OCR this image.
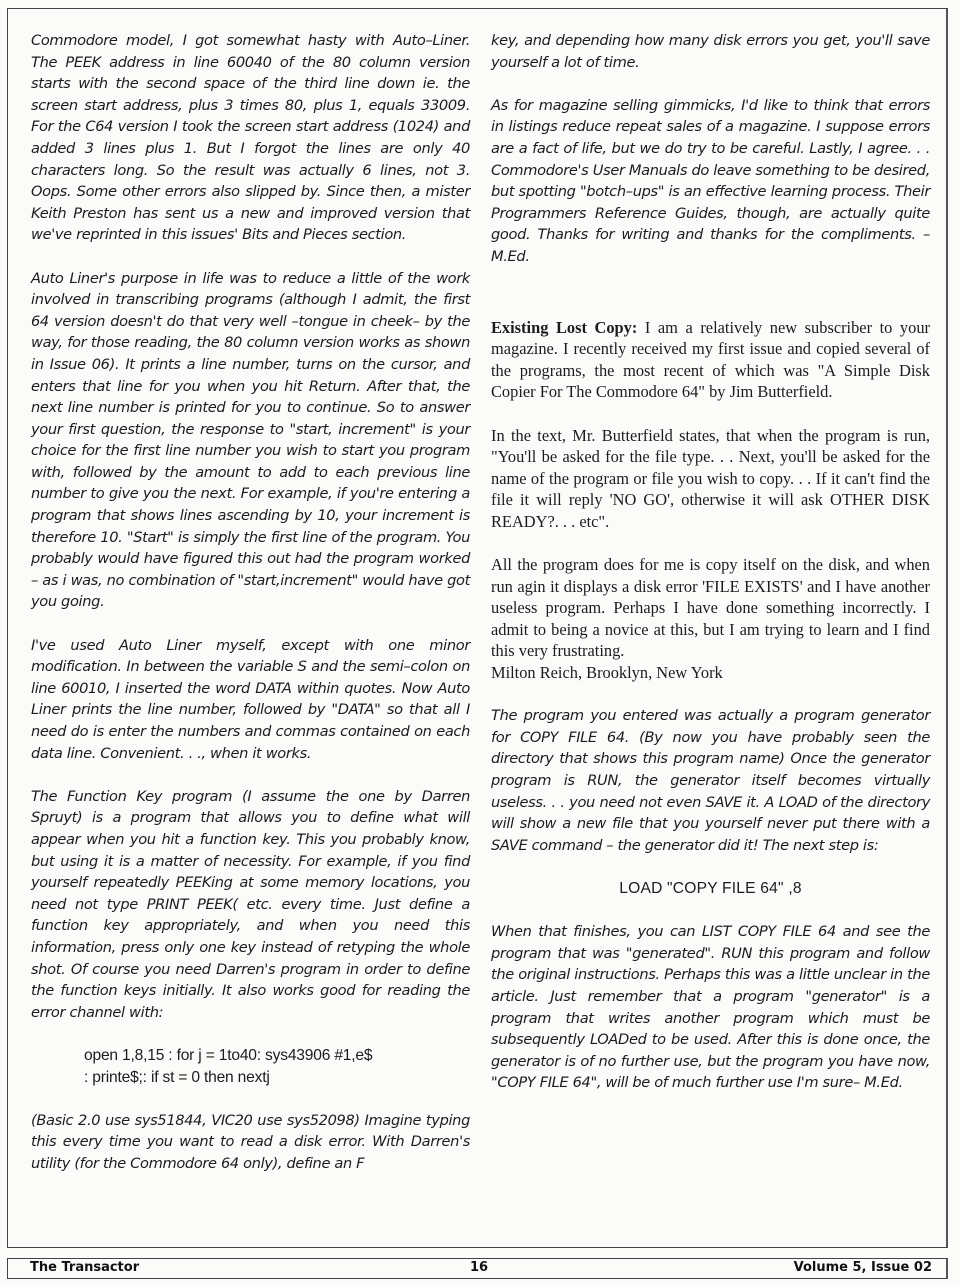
Commodore model, I got somewhat hasty with Auto–Liner. The PEEK address in line 60040 of the 80 column version starts with the second space of the third line down ie. the screen start address, plus 3 times 80, plus 1, equals 33009. For the C64 version I took the screen start address (1024) and added 3 lines plus 1. But I forgot the lines are only 40 characters long. So the result was actually 6 lines, not 3. Oops. Some other errors also slipped by. Since then, a mister Keith Preston has sent us a new and improved version that we've reprinted in this issues' Bits and Pieces section.

Auto Liner's purpose in life was to reduce a little of the work involved in transcribing programs (although I admit, the first 64 version doesn't do that very well –tongue in cheek– by the way, for those reading, the 80 column version works as shown in Issue 06). It prints a line number, turns on the cursor, and enters that line for you when you hit Return. After that, the next line number is printed for you to continue. So to answer your first question, the response to "start, increment" is your choice for the first line number you wish to start you program with, followed by the amount to add to each previous line number to give you the next. For example, if you're entering a program that shows lines ascending by 10, your increment is therefore 10. "Start" is simply the first line of the program. You probably would have figured this out had the program worked – as i was, no combination of "start,increment" would have got you going.

I've used Auto Liner myself, except with one minor modification. In between the variable S and the semi–colon on line 60010, I inserted the word DATA within quotes. Now Auto Liner prints the line number, followed by "DATA" so that all I need do is enter the numbers and commas contained on each data line. Convenient. . ., when it works.

The Function Key program (I assume the one by Darren Spruyt) is a program that allows you to define what will appear when you hit a function key. This you probably know, but using it is a matter of necessity. For example, if you find yourself repeatedly PEEKing at some memory locations, you need not type PRINT PEEK( etc. every time. Just define a function key appropriately, and when you need this information, press only one key instead of retyping the whole shot. Of course you need Darren's program in order to define the function keys initially. It also works good for reading the error channel with:

open 1,8,15 : for j = 1to40: sys43906 #1,e$
: printe$;: if st = 0 then nextj

(Basic 2.0 use sys51844, VIC20 use sys52098) Imagine typing this every time you want to read a disk error. With Darren's utility (for the Commodore 64 only), define an F

key, and depending how many disk errors you get, you'll save yourself a lot of time.

As for magazine selling gimmicks, I'd like to think that errors in listings reduce repeat sales of a magazine. I suppose errors are a fact of life, but we do try to be careful. Lastly, I agree. . . Commodore's User Manuals do leave something to be desired, but spotting "botch–ups" is an effective learning process. Their Programmers Reference Guides, though, are actually quite good. Thanks for writing and thanks for the compliments. – M.Ed.

Existing Lost Copy: I am a relatively new subscriber to your magazine. I recently received my first issue and copied several of the programs, the most recent of which was "A Simple Disk Copier For The Commodore 64" by Jim Butterfield.

In the text, Mr. Butterfield states, that when the program is run, "You'll be asked for the file type. . . Next, you'll be asked for the name of the program or file you wish to copy. . . If it can't find the file it will reply 'NO GO', otherwise it will ask OTHER DISK READY?. . . etc".

All the program does for me is copy itself on the disk, and when run agin it displays a disk error 'FILE EXISTS' and I have another useless program. Perhaps I have done something incorrectly. I admit to being a novice at this, but I am trying to learn and I find this very frustrating.

Milton Reich, Brooklyn, New York

The program you entered was actually a program generator for COPY FILE 64. (By now you have probably seen the directory that shows this program name) Once the generator program is RUN, the generator itself becomes virtually useless. . . you need not even SAVE it. A LOAD of the directory will show a new file that you yourself never put there with a SAVE command – the generator did it! The next step is:

LOAD "COPY FILE 64" ,8

When that finishes, you can LIST COPY FILE 64 and see the program that was "generated". RUN this program and follow the original instructions. Perhaps this was a little unclear in the article. Just remember that a program "generator" is a program that writes another program which must be subsequently LOADed to be used. After this is done once, the generator is of no further use, but the program you have now, "COPY FILE 64", will be of much further use I'm sure– M.Ed.

The Transactor	16	Volume 5, Issue 02
